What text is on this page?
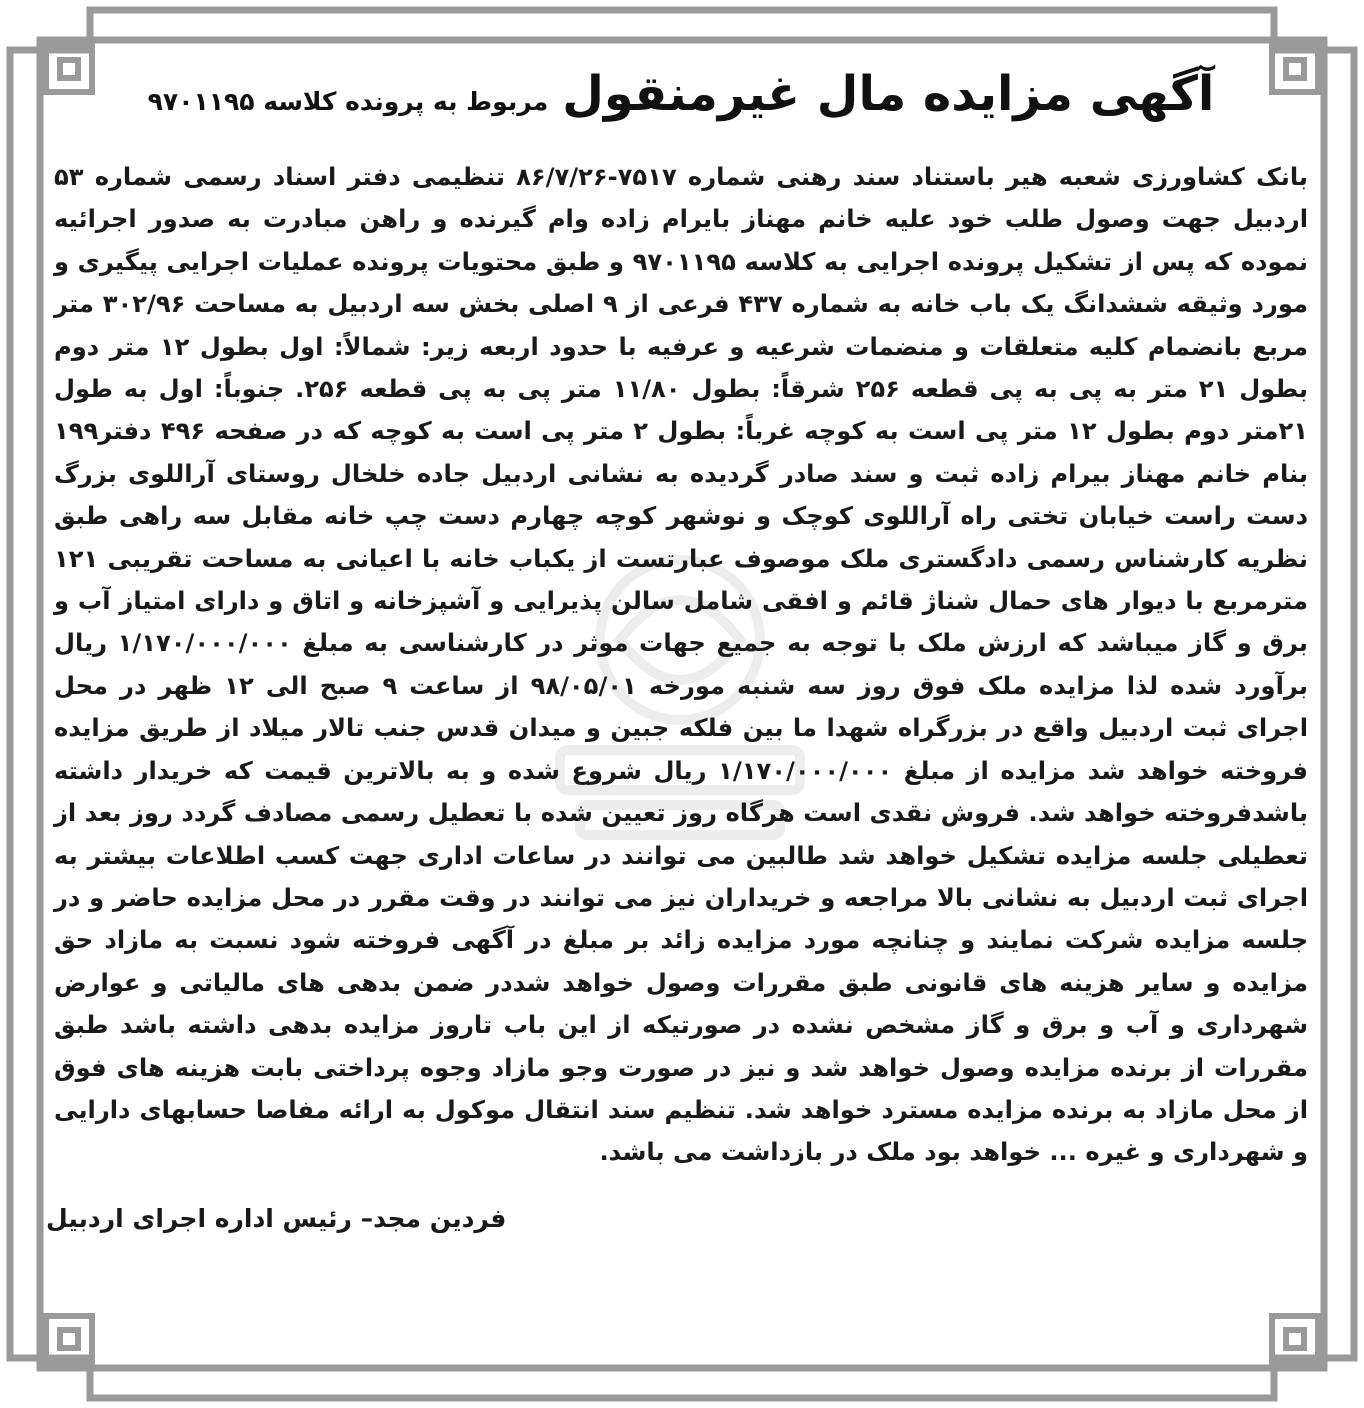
آگهی مزایده مال غیرمنقول
مربوط به پرونده کلاسه ۹۷۰۱۱۹۵

بانک کشاورزی شعبه هیر باستناد سند رهنی شماره ۷۵۱۷-۸۶/۷/۲۶ تنظیمی دفتر اسناد رسمی شماره ۵۳ اردبیل جهت وصول طلب خود علیه خانم مهناز بایرام زاده وام گیرنده و راهن مبادرت به صدور اجرائیه نموده که پس از تشکیل پرونده اجرایی به کلاسه ۹۷۰۱۱۹۵ و طبق محتویات پرونده عملیات اجرایی پیگیری و مورد وثیقه ششدانگ یک باب خانه به شماره ۴۳۷ فرعی از ۹ اصلی بخش سه اردبیل به مساحت ۳۰۲/۹۶ متر مربع بانضمام کلیه متعلقات و منضمات شرعیه و عرفیه با حدود اربعه زیر: شمالاً: اول بطول ۱۲ متر دوم بطول ۲۱ متر به پی به پی قطعه ۲۵۶ شرقاً: بطول ۱۱/۸۰ متر پی به پی قطعه ۲۵۶. جنوباً: اول به طول ۲۱متر دوم بطول ۱۲ متر پی است به کوچه غرباً: بطول ۲ متر پی است به کوچه که در صفحه ۴۹۶ دفتر۱۹۹ بنام خانم مهناز بیرام زاده ثبت و سند صادر گردیده به نشانی اردبیل جاده خلخال روستای آراللوی بزرگ دست راست خیابان تختی راه آراللوی کوچک و نوشهر کوچه چهارم دست چپ خانه مقابل سه راهی طبق نظریه کارشناس رسمی دادگستری ملک موصوف عبارتست از یکباب خانه با اعیانی به مساحت تقریبی ۱۲۱ مترمربع با دیوار های حمال شناژ قائم و افقی شامل سالن پذیرایی و آشپزخانه و اتاق و دارای امتیاز آب و برق و گاز میباشد که ارزش ملک با توجه به جمیع جهات موثر در کارشناسی به مبلغ ۱/۱۷۰/۰۰۰/۰۰۰ ریال برآورد شده لذا مزایده ملک فوق روز سه شنبه مورخه ۹۸/۰۵/۰۱ از ساعت ۹ صبح الی ۱۲ ظهر در محل اجرای ثبت اردبیل واقع در بزرگراه شهدا ما بین فلکه جبین و میدان قدس جنب تالار میلاد از طریق مزایده فروخته خواهد شد مزایده از مبلغ ۱/۱۷۰/۰۰۰/۰۰۰ ریال شروع شده و به بالاترین قیمت که خریدار داشته باشدفروخته خواهد شد. فروش نقدی است هرگاه روز تعیین شده با تعطیل رسمی مصادف گردد روز بعد از تعطیلی جلسه مزایده تشکیل خواهد شد طالبین می توانند در ساعات اداری جهت کسب اطلاعات بیشتر به اجرای ثبت اردبیل به نشانی بالا مراجعه و خریداران نیز می توانند در وقت مقرر در محل مزایده حاضر و در جلسه مزایده شرکت نمایند و چنانچه مورد مزایده زائد بر مبلغ در آگهی فروخته شود نسبت به مازاد حق مزایده و سایر هزینه های قانونی طبق مقررات وصول خواهد شددر ضمن بدهی های مالیاتی و عوارض شهرداری و آب و برق و گاز مشخص نشده در صورتیکه از این باب تاروز مزایده بدهی داشته باشد طبق مقررات از برنده مزایده وصول خواهد شد و نیز در صورت وجو مازاد وجوه پرداختی بابت هزینه های فوق از محل مازاد به برنده مزایده مسترد خواهد شد. تنظیم سند انتقال موکول به ارائه مفاصا حسابهای دارایی و شهرداری و غیره ... خواهد بود ملک در بازداشت می باشد.

فردین مجد– رئیس اداره اجرای اردبیل
